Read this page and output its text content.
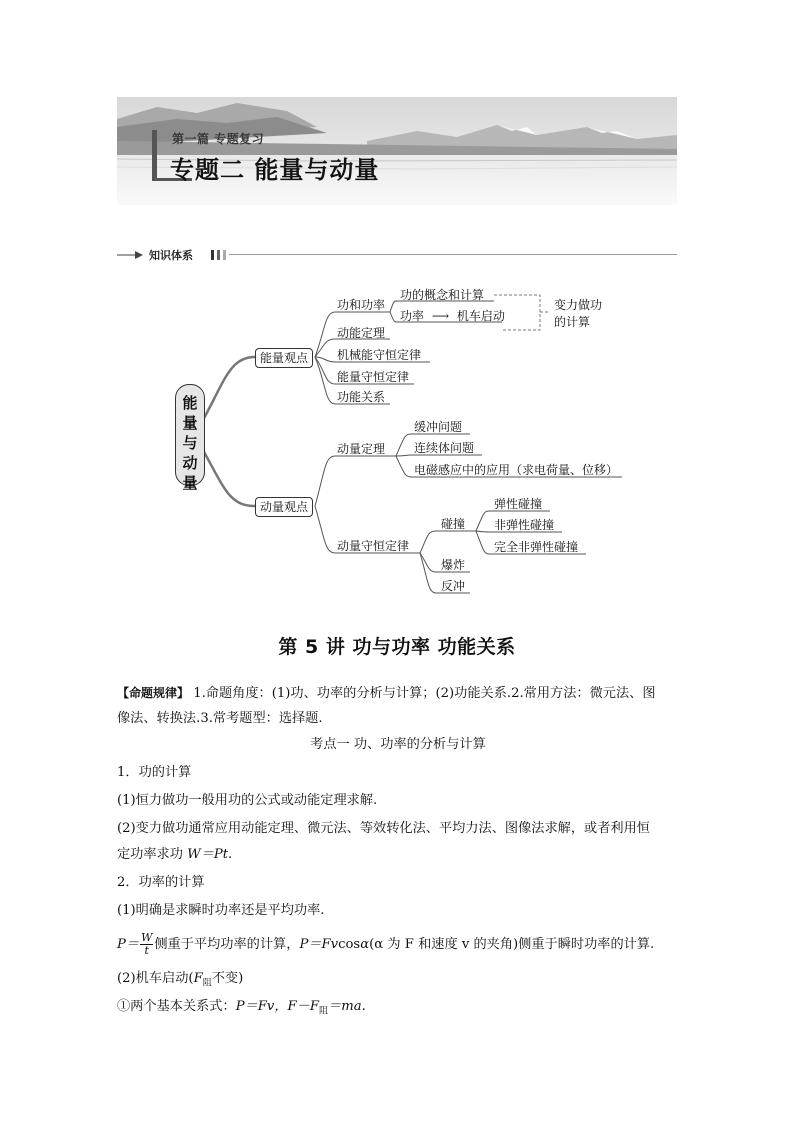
第一篇 专题复习
专题二 能量与动量
知识体系
能
量
与
动
量
能量观点
动量观点
功和功率
功的概念和计算
功率 ⟶ 机车启动
变力做功
的计算
动能定理
机械能守恒定律
能量守恒定律
功能关系
动量定理
缓冲问题
连续体问题
电磁感应中的应用（求电荷量、位移）
动量守恒定律
碰撞
弹性碰撞
非弹性碰撞
完全非弹性碰撞
爆炸
反冲
第 5 讲 功与功率 功能关系
【命题规律】 1.命题角度：(1)功、功率的分析与计算；(2)功能关系.2.常用方法：微元法、图
像法、转换法.3.常考题型：选择题.
考点一 功、功率的分析与计算
1．功的计算
(1)恒力做功一般用功的公式或动能定理求解.
(2)变力做功通常应用动能定理、微元法、等效转化法、平均力法、图像法求解，或者利用恒
定功率求功 W＝Pt.
2．功率的计算
(1)明确是求瞬时功率还是平均功率.
$P= \frac{W}{t}$ 侧重于平均功率的计算，P＝Fvcosα(α 为 F 和速度 v 的夹角)侧重于瞬时功率的计算.
(2)机车启动($F_阻$不变)
①两个基本关系式：P＝Fv，$F-F_阻=ma$.
